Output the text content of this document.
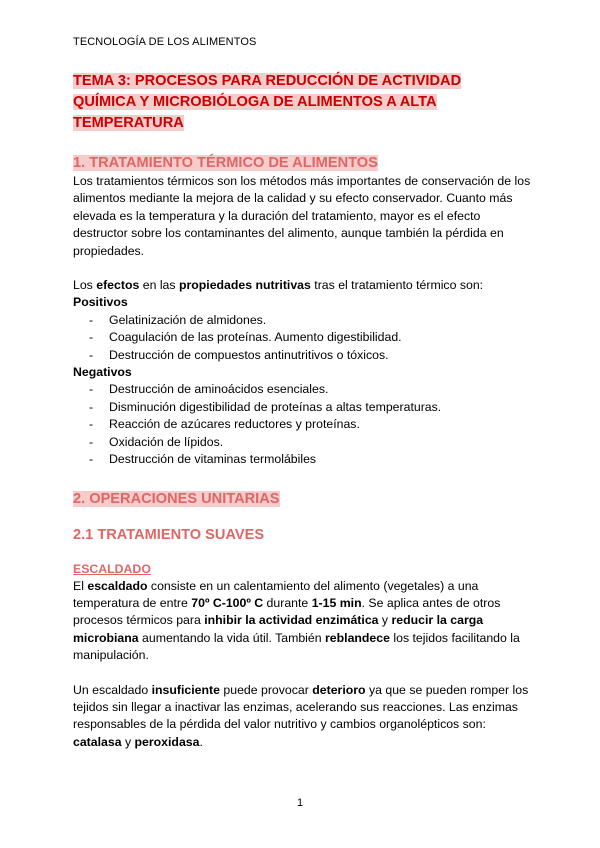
TECNOLOGÍA DE LOS ALIMENTOS
TEMA 3: PROCESOS PARA REDUCCIÓN DE ACTIVIDAD
QUÍMICA Y MICROBIÓLOGA DE ALIMENTOS A ALTA
TEMPERATURA
1. TRATAMIENTO TÉRMICO DE ALIMENTOS

Los tratamientos térmicos son los métodos más importantes de conservación de los alimentos mediante la mejora de la calidad y su efecto conservador. Cuanto más elevada es la temperatura y la duración del tratamiento, mayor es el efecto destructor sobre los contaminantes del alimento, aunque también la pérdida en propiedades.

Los efectos en las propiedades nutritivas tras el tratamiento térmico son:

Positivos

- Gelatinización de almidones.
- Coagulación de las proteínas. Aumento digestibilidad.
- Destrucción de compuestos antinutritivos o tóxicos.

Negativos

- Destrucción de aminoácidos esenciales.
- Disminución digestibilidad de proteínas a altas temperaturas.
- Reacción de azúcares reductores y proteínas.
- Oxidación de lípidos.
- Destrucción de vitaminas termolábiles
2. OPERACIONES UNITARIAS
2.1 TRATAMIENTO SUAVES
ESCALDADO

El escaldado consiste en un calentamiento del alimento (vegetales) a una temperatura de entre 70º C-100º C durante 1-15 min. Se aplica antes de otros procesos térmicos para inhibir la actividad enzimática y reducir la carga microbiana aumentando la vida útil. También reblandece los tejidos facilitando la manipulación.

Un escaldado insuficiente puede provocar deterioro ya que se pueden romper los tejidos sin llegar a inactivar las enzimas, acelerando sus reacciones. Las enzimas responsables de la pérdida del valor nutritivo y cambios organolépticos son: catalasa y peroxidasa.

1
